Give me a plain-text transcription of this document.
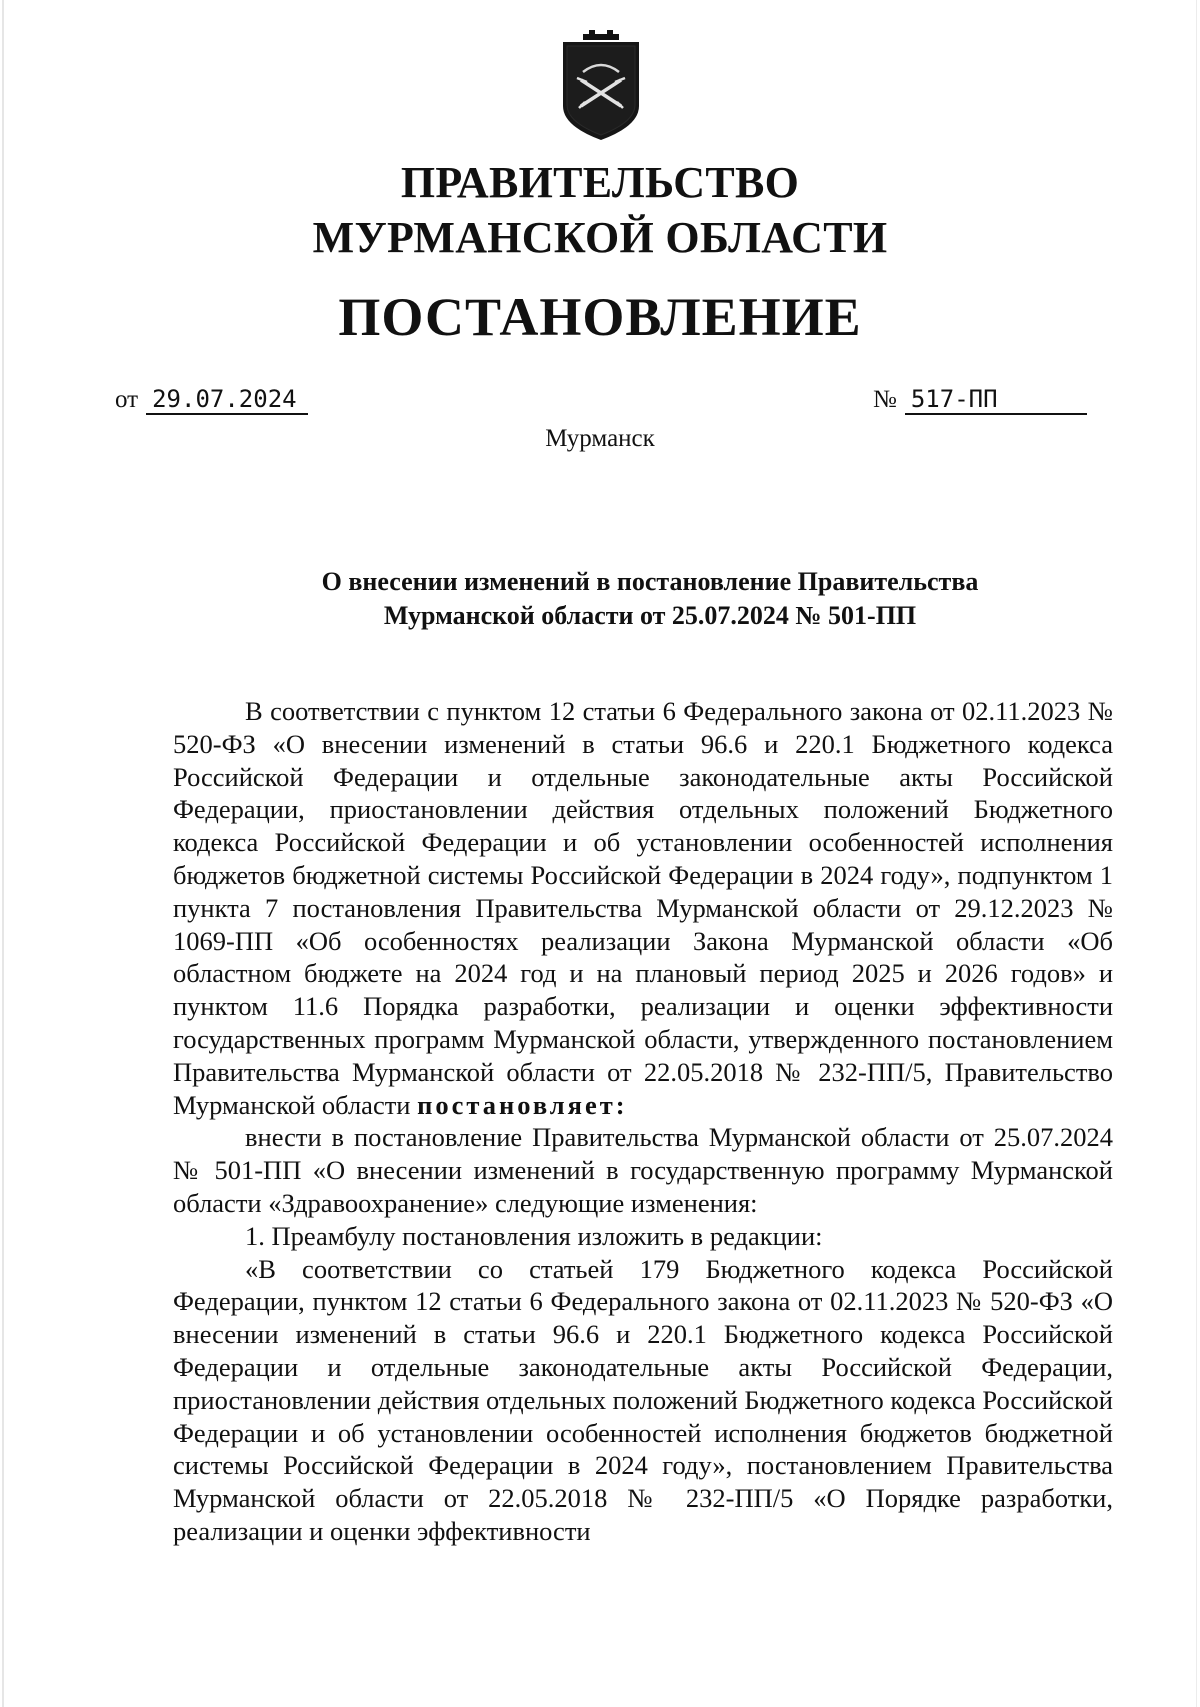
ПРАВИТЕЛЬСТВО
МУРМАНСКОЙ ОБЛАСТИ
ПОСТАНОВЛЕНИЕ
от 29.07.2024	№ 517-ПП
Мурманск
О внесении изменений в постановление Правительства
Мурманской области от 25.07.2024 № 501-ПП

В соответствии с пунктом 12 статьи 6 Федерального закона от 02.11.2023 № 520-ФЗ «О внесении изменений в статьи 96.6 и 220.1 Бюджетного кодекса Российской Федерации и отдельные законодательные акты Российской Федерации, приостановлении действия отдельных положений Бюджетного кодекса Российской Федерации и об установлении особенностей исполнения бюджетов бюджетной системы Российской Федерации в 2024 году», подпунктом 1 пункта 7 постановления Правительства Мурманской области от 29.12.2023 № 1069-ПП «Об особенностях реализации Закона Мурманской области «Об областном бюджете на 2024 год и на плановый период 2025 и 2026 годов» и пунктом 11.6 Порядка разработки, реализации и оценки эффективности государственных программ Мурманской области, утвержденного постановлением Правительства Мурманской области от 22.05.2018 № 232-ПП/5, Правительство Мурманской области постановляет:

внести в постановление Правительства Мурманской области от 25.07.2024 № 501-ПП «О внесении изменений в государственную программу Мурманской области «Здравоохранение» следующие изменения:

1. Преамбулу постановления изложить в редакции:

«В соответствии со статьей 179 Бюджетного кодекса Российской Федерации, пунктом 12 статьи 6 Федерального закона от 02.11.2023 № 520-ФЗ «О внесении изменений в статьи 96.6 и 220.1 Бюджетного кодекса Российской Федерации и отдельные законодательные акты Российской Федерации, приостановлении действия отдельных положений Бюджетного кодекса Российской Федерации и об установлении особенностей исполнения бюджетов бюджетной системы Российской Федерации в 2024 году», постановлением Правительства Мурманской области от 22.05.2018 № 232-ПП/5 «О Порядке разработки, реализации и оценки эффективности
